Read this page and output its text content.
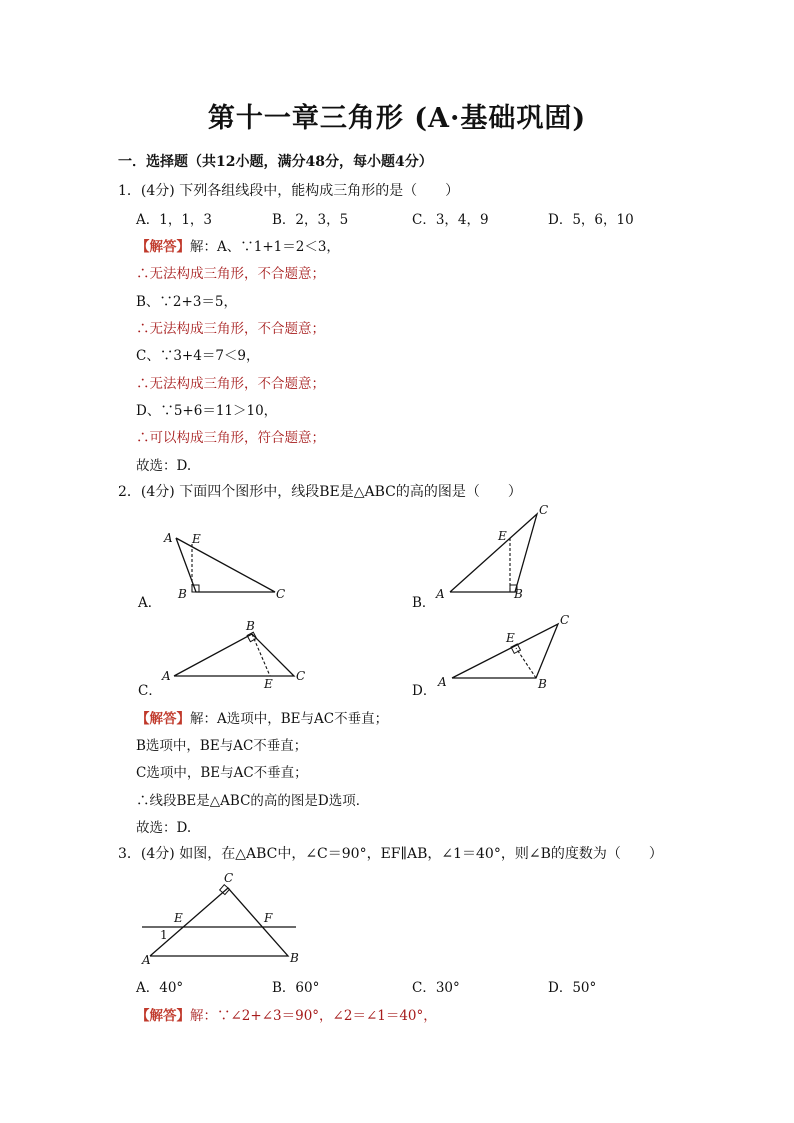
第十一章三角形 (A·基础巩固)
一．选择题（共12小题，满分48分，每小题4分）
1．(4分) 下列各组线段中，能构成三角形的是（　　）
A．1，1，3	B．2，3，5	C．3，4，9	D．5，6，10
【解答】解：A、∵1+1＝2＜3，
∴无法构成三角形，不合题意；
B、∵2+3＝5，
∴无法构成三角形，不合题意；
C、∵3+4＝7＜9，
∴无法构成三角形，不合题意；
D、∵5+6＝11＞10，
∴可以构成三角形，符合题意；
故选：D.
2．(4分) 下面四个图形中，线段BE是△ABC的高的图是（　　）
A．
A E
B	C
B．
C
E
A	B
C．
B
A
E
C
D．
C
E
A	B
【解答】解：A选项中，BE与AC不垂直；
B选项中，BE与AC不垂直；
C选项中，BE与AC不垂直；
∴线段BE是△ABC的高的图是D选项．
故选：D.
3．(4分) 如图，在△ABC中，∠C＝90°，EF∥AB，∠1＝40°，则∠B的度数为（　　）
C
E	F
1
A	B
A．40°	B．60°	C．30°	D．50°
【解答】解：∵∠2+∠3＝90°，∠2＝∠1＝40°，
